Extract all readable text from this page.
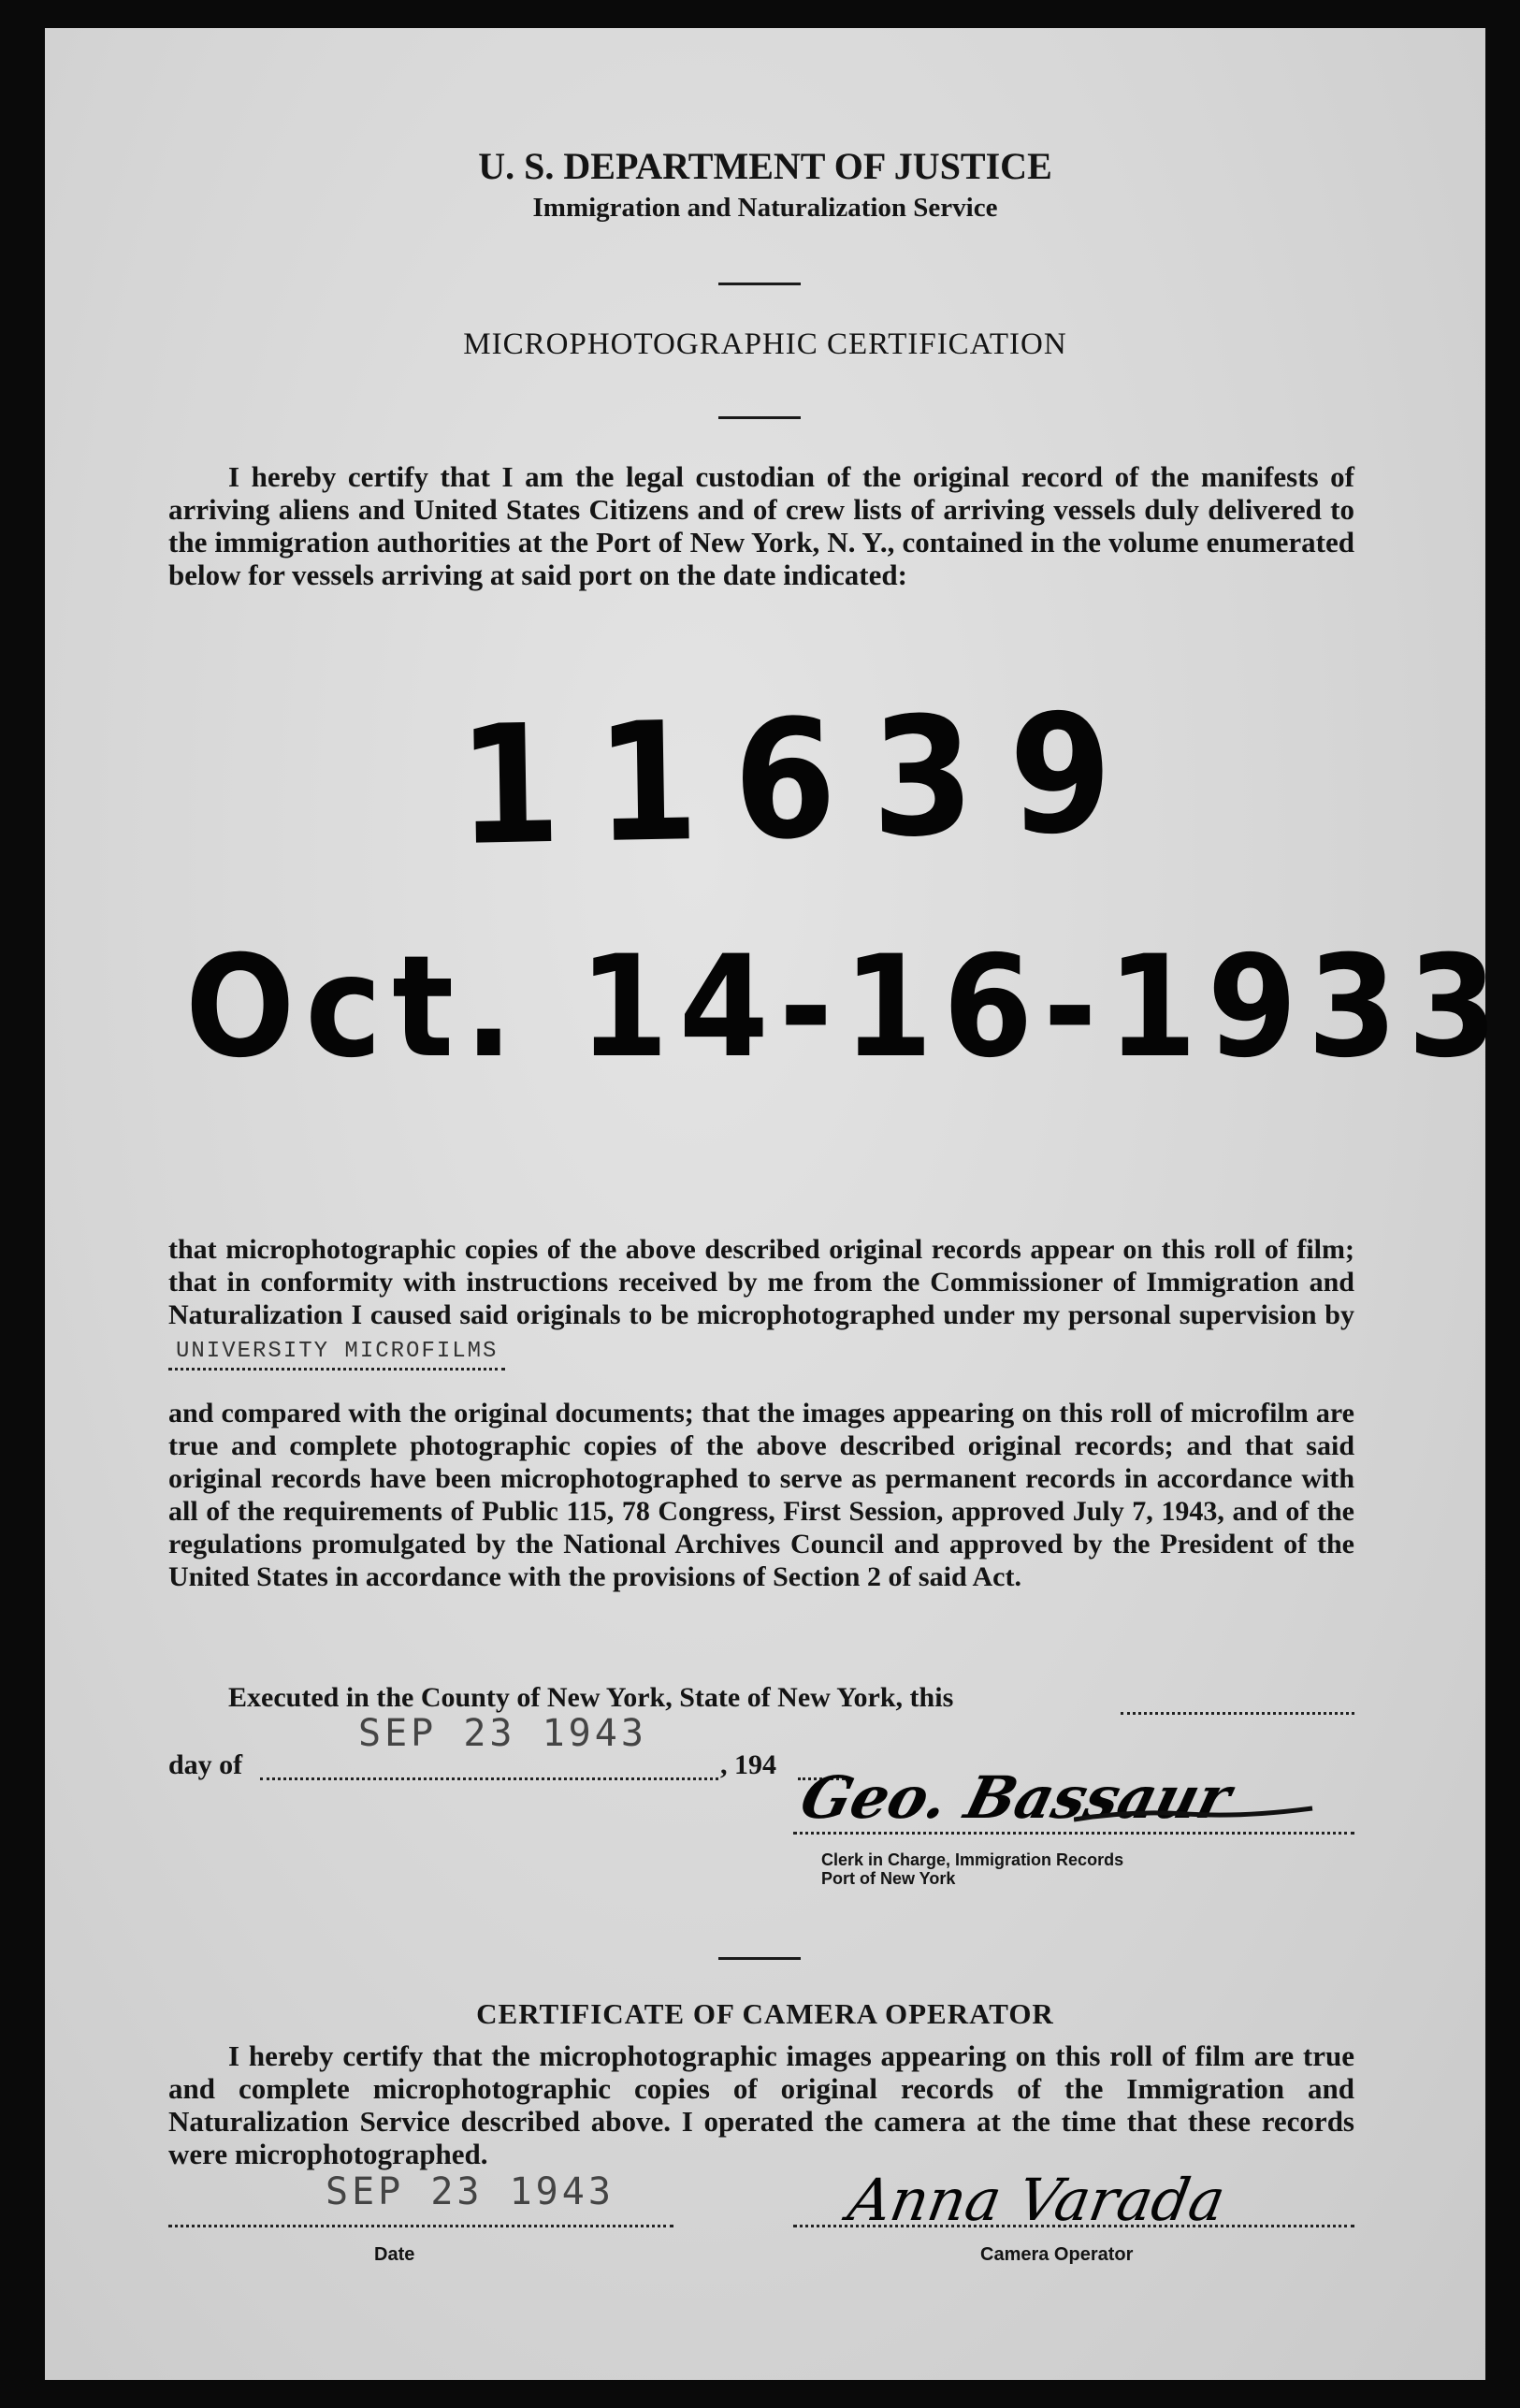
U. S. DEPARTMENT OF JUSTICE
Immigration and Naturalization Service
MICROPHOTOGRAPHIC CERTIFICATION
I hereby certify that I am the legal custodian of the original record of the manifests of arriving aliens and United States Citizens and of crew lists of arriving vessels duly delivered to the immigration authorities at the Port of New York, N. Y., contained in the volume enumerated below for vessels arriving at said port on the date indicated:
11639
Oct. 14-16-1933
that microphotographic copies of the above described original records appear on this roll of film; that in conformity with instructions received by me from the Commissioner of Immigration and Naturalization I caused said originals to be microphotographed under my personal supervision by UNIVERSITY MICROFILMS
and compared with the original documents; that the images appearing on this roll of microfilm are true and complete photographic copies of the above described original records; and that said original records have been microphotographed to serve as permanent records in accordance with all of the requirements of Public 115, 78 Congress, First Session, approved July 7, 1943, and of the regulations promulgated by the National Archives Council and approved by the President of the United States in accordance with the provisions of Section 2 of said Act.
Executed in the County of New York, State of New York, this
SEP 23 1943
day of	, 194 Geo. Bassaur
Clerk in Charge, Immigration Records
Port of New York
CERTIFICATE OF CAMERA OPERATOR
I hereby certify that the microphotographic images appearing on this roll of film are true and complete microphotographic copies of original records of the Immigration and Naturalization Service described above. I operated the camera at the time that these records were microphotographed.
SEP 23 1943
Date
Anna Varada
Camera Operator
